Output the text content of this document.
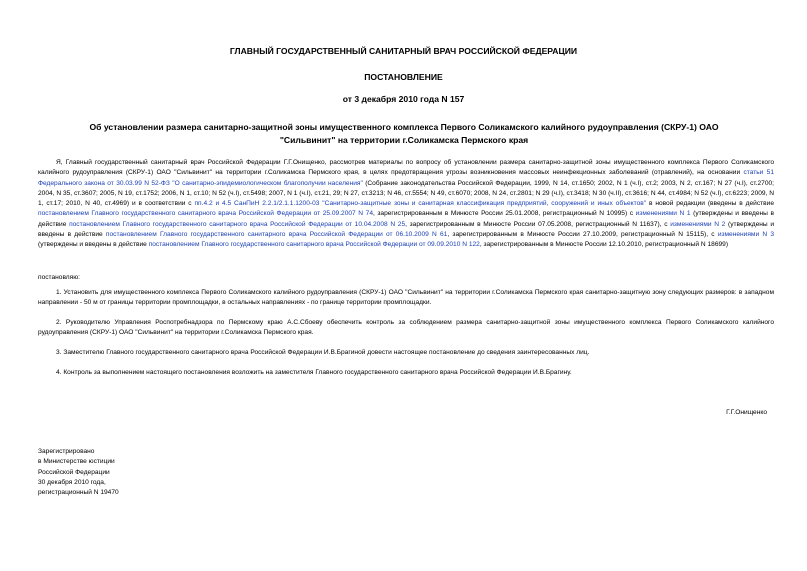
ГЛАВНЫЙ ГОСУДАРСТВЕННЫЙ САНИТАРНЫЙ ВРАЧ РОССИЙСКОЙ ФЕДЕРАЦИИ
ПОСТАНОВЛЕНИЕ
от 3 декабря 2010 года N 157
Об установлении размера санитарно-защитной зоны имущественного комплекса Первого Соликамского калийного рудоуправления (СКРУ-1) ОАО "Сильвинит" на территории г.Соликамска Пермского края
Я, Главный государственный санитарный врач Российской Федерации Г.Г.Онищенко, рассмотрев материалы по вопросу об установлении размера санитарно-защитной зоны имущественного комплекса Первого Соликамского калийного рудоуправления (СКРУ-1) ОАО "Сильвинит" на территории г.Соликамска Пермского края, в целях предотвращения угрозы возникновения массовых неинфекционных заболеваний (отравлений), на основании статьи 51 Федерального закона от 30.03.99 N 52-ФЗ "О санитарно-эпидемиологическом благополучии населения" (Собрание законодательства Российской Федерации, 1999, N 14, ст.1650; 2002, N 1 (ч.I), ст.2; 2003, N 2, ст.167; N 27 (ч.I), ст.2700; 2004, N 35, ст.3607; 2005, N 19, ст.1752; 2006, N 1, ст.10; N 52 (ч.I), ст.5498; 2007, N 1 (ч.I), ст.21, 29; N 27, ст.3213; N 46, ст.5554; N 49, ст.6070; 2008, N 24, ст.2801; N 29 (ч.I), ст.3418; N 30 (ч.II), ст.3616; N 44, ст.4984; N 52 (ч.I), ст.6223; 2009, N 1, ст.17; 2010, N 40, ст.4969) и в соответствии с пп.4.2 и 4.5 СанПиН 2.2.1/2.1.1.1200-03 "Санитарно-защитные зоны и санитарная классификация предприятий, сооружений и иных объектов" в новой редакции (введены в действие постановлением Главного государственного санитарного врача Российской Федерации от 25.09.2007 N 74, зарегистрированным в Минюсте России 25.01.2008, регистрационный N 10995) с изменениями N 1 (утверждены и введены в действие постановлением Главного государственного санитарного врача Российской Федерации от 10.04.2008 N 25, зарегистрированным в Минюсте России 07.05.2008, регистрационный N 11637), с изменениями N 2 (утверждены и введены в действие постановлением Главного государственного санитарного врача Российской Федерации от 06.10.2009 N 61, зарегистрированным в Минюсте России 27.10.2009, регистрационный N 15115), с изменениями N 3 (утверждены и введены в действие постановлением Главного государственного санитарного врача Российской Федерации от 09.09.2010 N 122, зарегистрированным в Минюсте России 12.10.2010, регистрационный N 18699)
постановляю:
1. Установить для имущественного комплекса Первого Соликамского калийного рудоуправления (СКРУ-1) ОАО "Сильвинит" на территории г.Соликамска Пермского края санитарно-защитную зону следующих размеров: в западном направлении - 50 м от границы территории промплощадки, в остальных направлениях - по границе территории промплощадки.
2. Руководителю Управления Роспотребнадзора по Пермскому краю А.С.Сбоеву обеспечить контроль за соблюдением размера санитарно-защитной зоны имущественного комплекса Первого Соликамского калийного рудоуправления (СКРУ-1) ОАО "Сильвинит" на территории г.Соликамска Пермского края.
3. Заместителю Главного государственного санитарного врача Российской Федерации И.В.Брагиной довести настоящее постановление до сведения заинтересованных лиц.
4. Контроль за выполнением настоящего постановления возложить на заместителя Главного государственного санитарного врача Российской Федерации И.В.Брагину.
Г.Г.Онищенко
Зарегистрировано
в Министерстве юстиции
Российской Федерации
30 декабря 2010 года,
регистрационный N 19470
